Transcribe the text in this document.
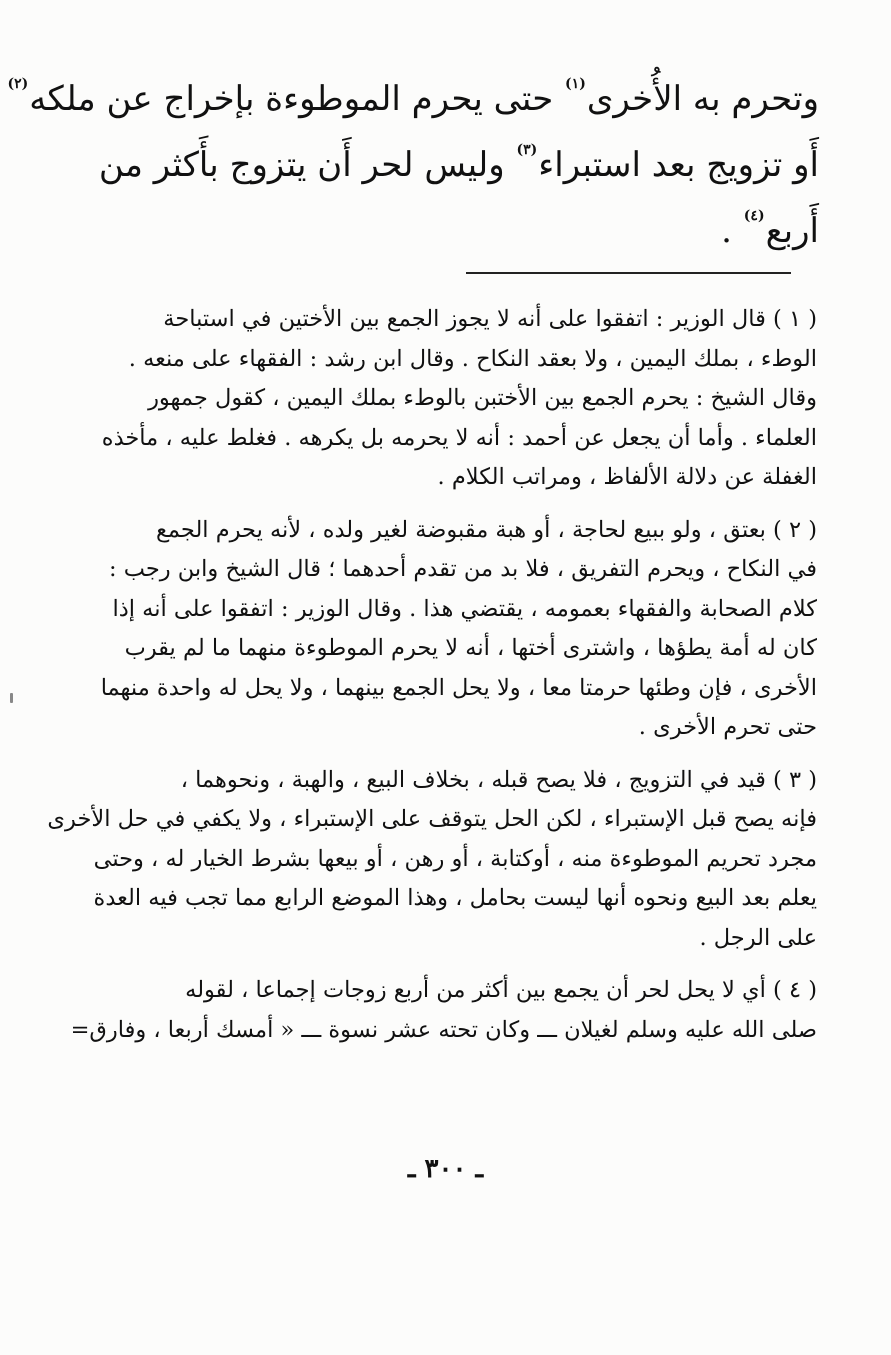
وتحرم به الأُخرى$^{(١)}$ حتى يحرم الموطوءة بإخراج عن ملكه$^{(٢)}$
أَو تزويج بعد استبراء$^{(٣)}$ وليس لحر أَن يتزوج بأَكثر من
أَربع$^{(٤)}$ .
( ١ ) قال الوزير : اتفقوا على أنه لا يجوز الجمع بين الأختين في استباحة
الوطء ، بملك اليمين ، ولا بعقد النكاح . وقال ابن رشد : الفقهاء على منعه .
وقال الشيخ : يحرم الجمع بين الأختبن بالوطء بملك اليمين ، كقول جمهور
العلماء . وأما أن يجعل عن أحمد : أنه لا يحرمه بل يكرهه . فغلط عليه ، مأخذه
الغفلة عن دلالة الألفاظ ، ومراتب الكلام .
( ٢ ) بعتق ، ولو ببيع لحاجة ، أو هبة مقبوضة لغير ولده ، لأنه يحرم الجمع
في النكاح ، ويحرم التفريق ، فلا بد من تقدم أحدهما ؛ قال الشيخ وابن رجب :
كلام الصحابة والفقهاء بعمومه ، يقتضي هذا . وقال الوزير : اتفقوا على أنه إذا
كان له أمة يطؤها ، واشترى أختها ، أنه لا يحرم الموطوءة منهما ما لم يقرب
الأخرى ، فإن وطئها حرمتا معا ، ولا يحل الجمع بينهما ، ولا يحل له واحدة منهما
حتى تحرم الأخرى .
( ٣ ) قيد في التزويج ، فلا يصح قبله ، بخلاف البيع ، والهبة ، ونحوهما ،
فإنه يصح قبل الإستبراء ، لكن الحل يتوقف على الإستبراء ، ولا يكفي في حل الأخرى
مجرد تحريم الموطوءة منه ، أوكتابة ، أو رهن ، أو بيعها بشرط الخيار له ، وحتى
يعلم بعد البيع ونحوه أنها ليست بحامل ، وهذا الموضع الرابع مما تجب فيه العدة
على الرجل .
( ٤ ) أي لا يحل لحر أن يجمع بين أكثر من أربع زوجات إجماعا ، لقوله
صلى الله عليه وسلم لغيلان ـــ وكان تحته عشر نسوة ـــ « أمسك أربعا ، وفارق=
ـ ٣٠٠ ـ
